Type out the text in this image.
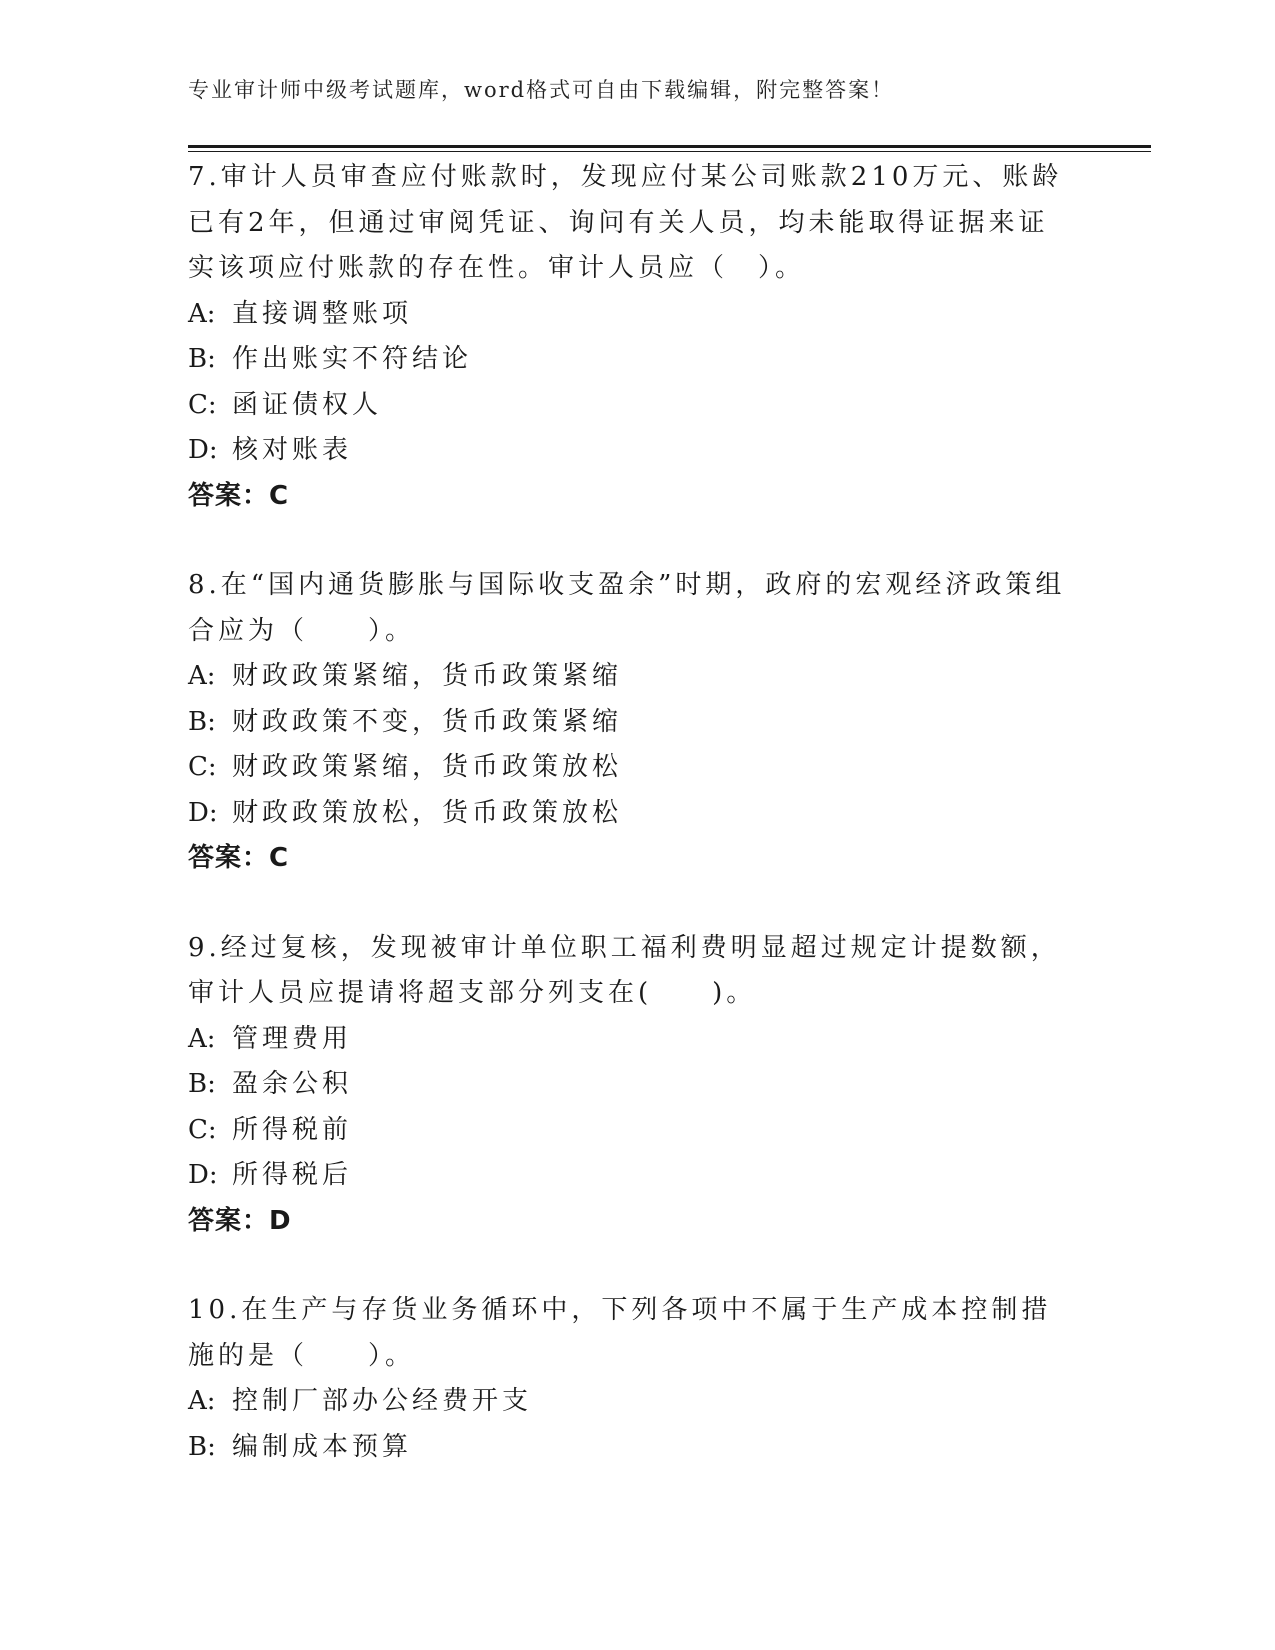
专业审计师中级考试题库，word格式可自由下载编辑，附完整答案！

7.审计人员审查应付账款时，发现应付某公司账款210万元、账龄已有2年，但通过审阅凭证、询问有关人员，均未能取得证据来证实该项应付账款的存在性。审计人员应（　）。

A: 直接调整账项
B: 作出账实不符结论
C: 函证债权人
D: 核对账表
答案：C

8.在“国内通货膨胀与国际收支盈余”时期，政府的宏观经济政策组合应为（　　）。

A: 财政政策紧缩，货币政策紧缩
B: 财政政策不变，货币政策紧缩
C: 财政政策紧缩，货币政策放松
D: 财政政策放松，货币政策放松
答案：C

9.经过复核，发现被审计单位职工福利费明显超过规定计提数额，审计人员应提请将超支部分列支在(　　)。

A: 管理费用
B: 盈余公积
C: 所得税前
D: 所得税后
答案：D

10.在生产与存货业务循环中，下列各项中不属于生产成本控制措施的是（　　）。

A: 控制厂部办公经费开支
B: 编制成本预算
